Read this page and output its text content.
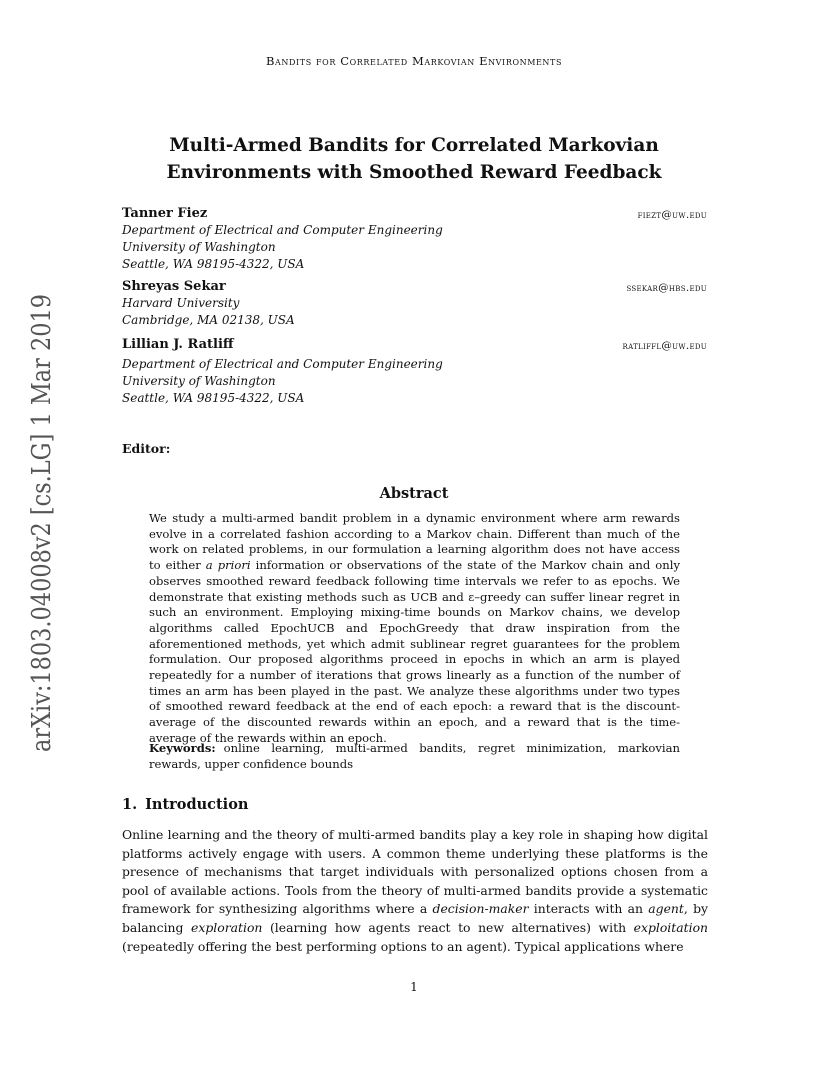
Bandits for Correlated Markovian Environments
Multi-Armed Bandits for Correlated Markovian
Environments with Smoothed Reward Feedback
Tanner Fiez	fiezt@uw.edu
Department of Electrical and Computer Engineering
University of Washington
Seattle, WA 98195-4322, USA
Shreyas Sekar	ssekar@hbs.edu
Harvard University
Cambridge, MA 02138, USA
Lillian J. Ratliff	ratliffl@uw.edu
Department of Electrical and Computer Engineering
University of Washington
Seattle, WA 98195-4322, USA
Editor:
Abstract

We study a multi-armed bandit problem in a dynamic environment where arm rewards evolve in a correlated fashion according to a Markov chain. Different than much of the work on related problems, in our formulation a learning algorithm does not have access to either a priori information or observations of the state of the Markov chain and only observes smoothed reward feedback following time intervals we refer to as epochs. We demonstrate that existing methods such as UCB and ε–greedy can suffer linear regret in such an environment. Employing mixing-time bounds on Markov chains, we develop algorithms called EpochUCB and EpochGreedy that draw inspiration from the aforementioned methods, yet which admit sublinear regret guarantees for the problem formulation. Our proposed algorithms proceed in epochs in which an arm is played repeatedly for a number of iterations that grows linearly as a function of the number of times an arm has been played in the past. We analyze these algorithms under two types of smoothed reward feedback at the end of each epoch: a reward that is the discount-average of the discounted rewards within an epoch, and a reward that is the time-average of the rewards within an epoch.

Keywords: online learning, multi-armed bandits, regret minimization, markovian rewards, upper confidence bounds
1. Introduction

Online learning and the theory of multi-armed bandits play a key role in shaping how digital platforms actively engage with users. A common theme underlying these platforms is the presence of mechanisms that target individuals with personalized options chosen from a pool of available actions. Tools from the theory of multi-armed bandits provide a systematic framework for synthesizing algorithms where a decision-maker interacts with an agent, by balancing exploration (learning how agents react to new alternatives) with exploitation (repeatedly offering the best performing options to an agent). Typical applications where

1
arXiv:1803.04008v2 [cs.LG] 1 Mar 2019
